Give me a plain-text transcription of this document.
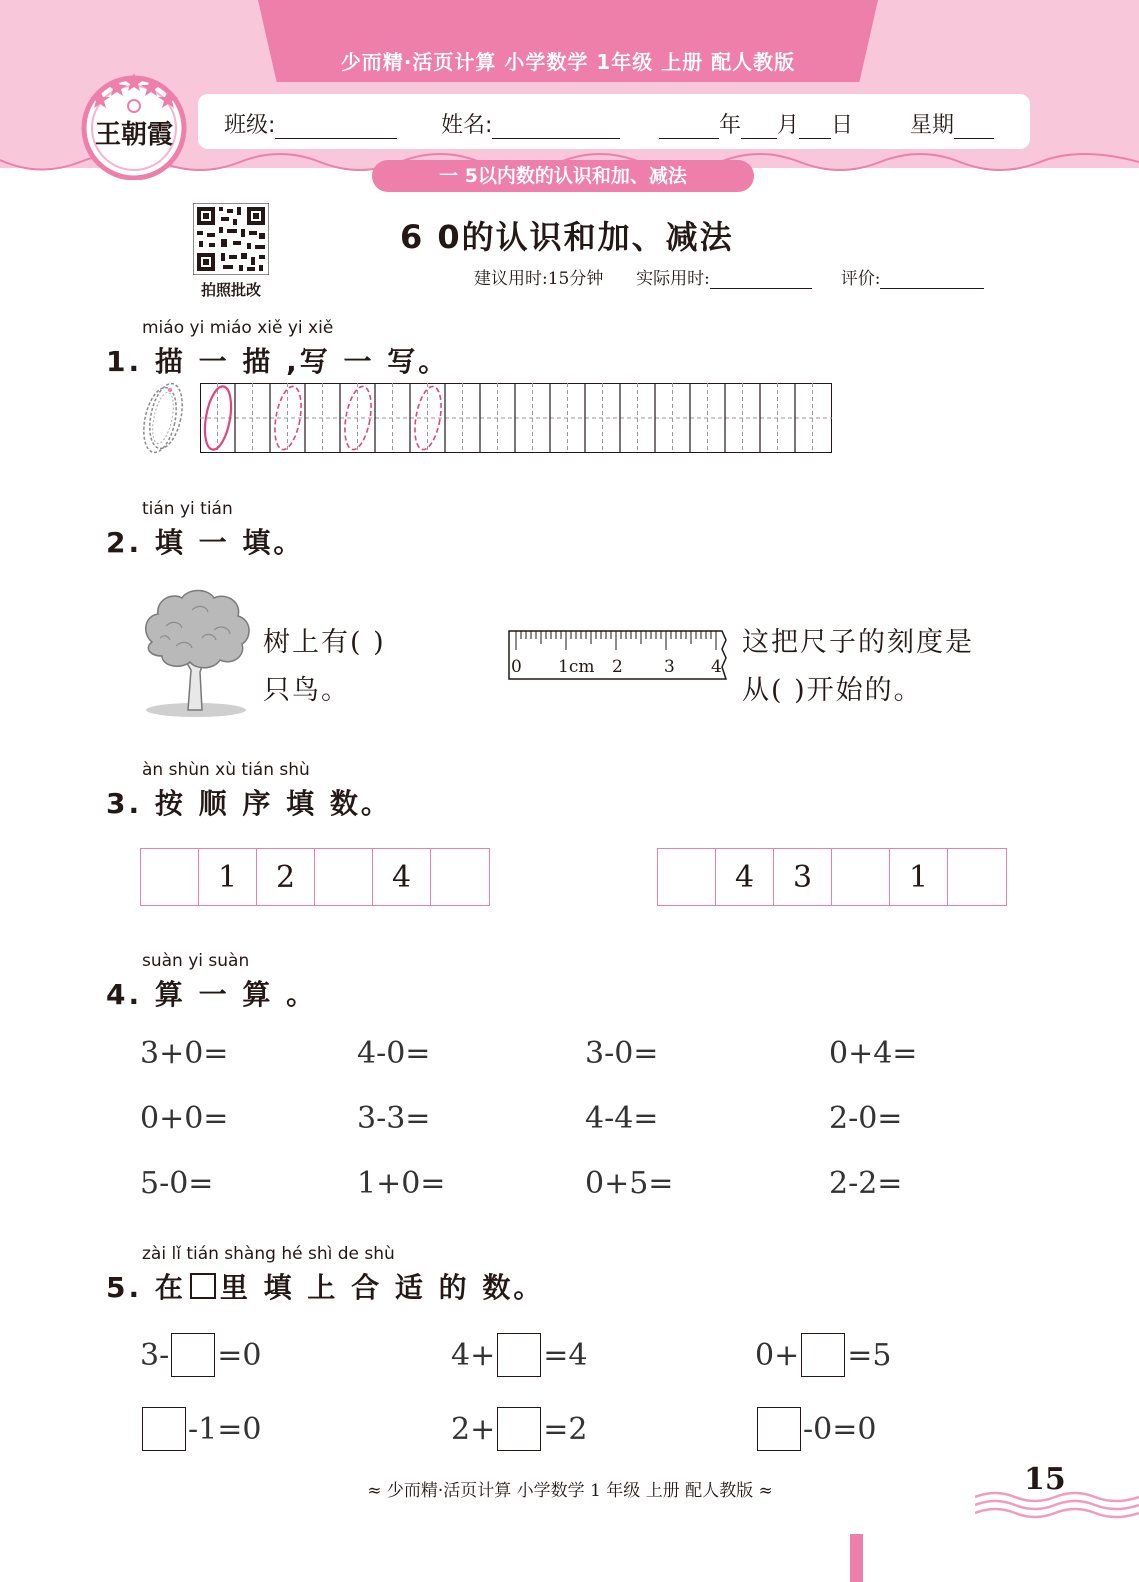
少而精·活页计算 小学数学 1年级 上册 配人教版
王朝霞	班级:	姓名:	年 月 日	星期
一 5以内数的认识和加、减法
拍照批改
6 0的认识和加、减法
建议用时:15分钟 实际用时:	评价:
miáo yi miáo xiě yi xiě
1. 描 一 描 ,写 一 写。
tián yi tián
2. 填 一 填。
树上有( )
只鸟。
0 1cm 2 3 4
这把尺子的刻度是
从( )开始的。
àn shùn xù tián shù
3. 按 顺 序 填 数。
1	2	4	4	3	1
suàn yi suàn
4. 算 一 算 。
3+0=	4-0=	3-0=	0+4=
0+0=	3-3=	4-4=	2-0=
5-0=	1+0=	0+5=	2-2=
zài lǐ tián shàng hé shì de shù
5. 在 里 填 上 合 适 的 数。
3- =0	4+ =4	0+ =5
-1=0	2+ =2	-0=0
≈ 少而精·活页计算 小学数学 1 年级 上册 配人教版 ≈	15
